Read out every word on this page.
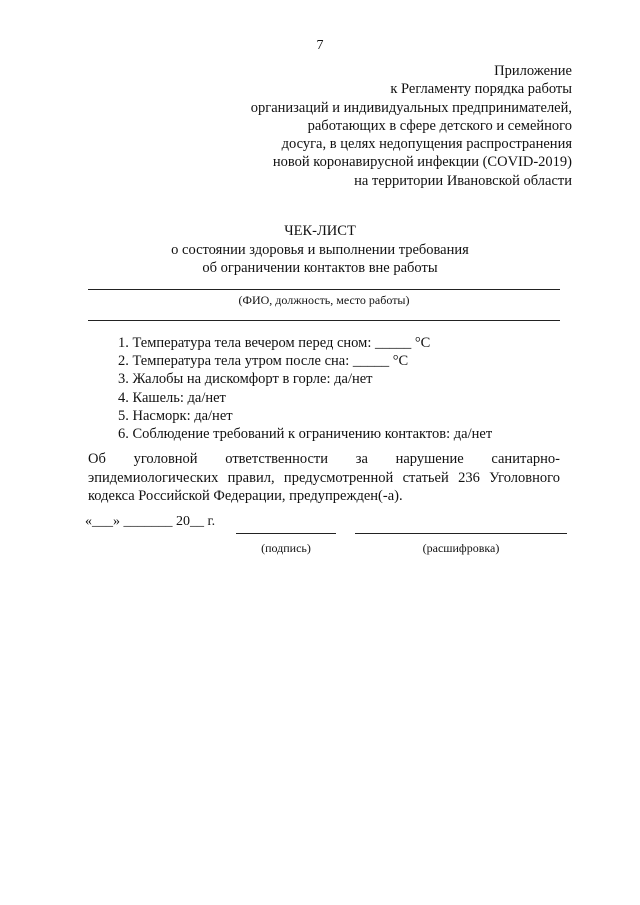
7
Приложение
к Регламенту порядка работы
организаций и индивидуальных предпринимателей,
работающих в сфере детского и семейного
досуга, в целях недопущения распространения
новой коронавирусной инфекции (COVID-2019)
на территории Ивановской области
ЧЕК-ЛИСТ
о состоянии здоровья и выполнении требования
об ограничении контактов вне работы
(ФИО, должность, место работы)
1. Температура тела вечером перед сном: _____ °С
2. Температура тела утром после сна: _____ °С
3. Жалобы на дискомфорт в горле: да/нет
4. Кашель: да/нет
5. Насморк: да/нет
6. Соблюдение требований к ограничению контактов: да/нет
Об уголовной ответственности за нарушение санитарно-
эпидемиологических правил, предусмотренной статьей 236 Уголовного
кодекса Российской Федерации, предупрежден(-а).
«___» _______ 20__ г.
(подпись)	(расшифровка)
